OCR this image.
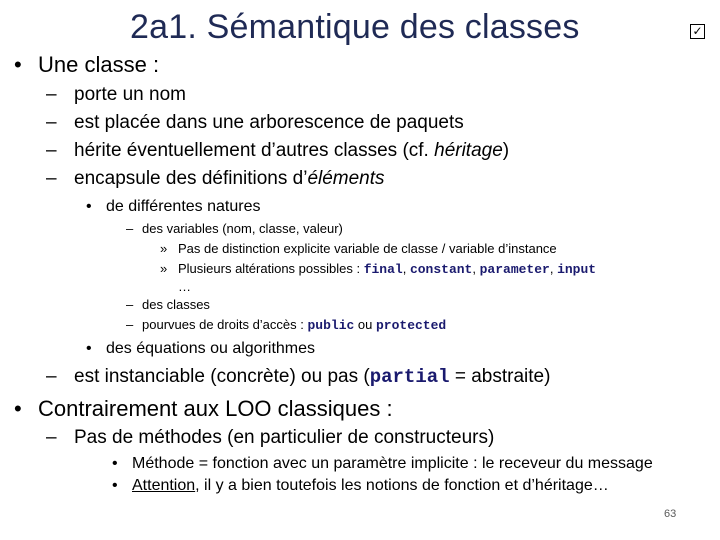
2a1. Sémantique des classes	✓
• Une classe :
– porte un nom
– est placée dans une arborescence de paquets
– hérite éventuellement d’autres classes (cf. héritage)
– encapsule des définitions d’éléments
• de différentes natures
– des variables (nom, classe, valeur)
» Pas de distinction explicite variable de classe / variable d’instance
» Plusieurs altérations possibles : final, constant, parameter, input
…
– des classes
– pourvues de droits d’accès : public ou protected
• des équations ou algorithmes
– est instanciable (concrète) ou pas (partial = abstraite)
• Contrairement aux LOO classiques :
– Pas de méthodes (en particulier de constructeurs)
• Méthode = fonction avec un paramètre implicite : le receveur du message
• Attention, il y a bien toutefois les notions de fonction et d’héritage…
63
